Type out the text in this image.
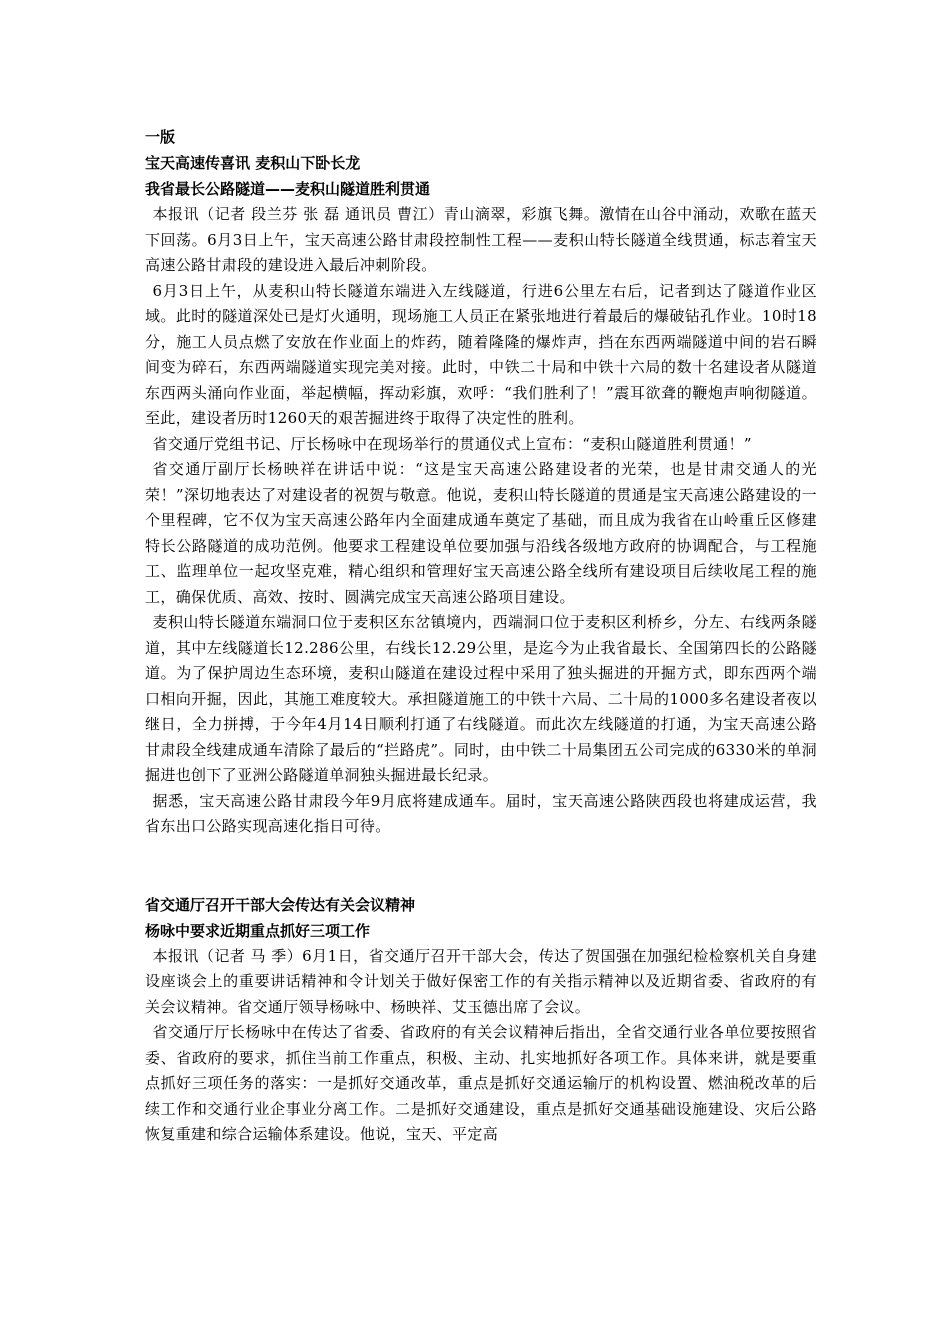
一版

宝天高速传喜讯 麦积山下卧长龙

我省最长公路隧道——麦积山隧道胜利贯通

本报讯（记者 段兰芬 张 磊 通讯员 曹江）青山滴翠，彩旗飞舞。激情在山谷中涌动，欢歌在蓝天下回荡。6月3日上午，宝天高速公路甘肃段控制性工程——麦积山特长隧道全线贯通，标志着宝天高速公路甘肃段的建设进入最后冲刺阶段。

6月3日上午，从麦积山特长隧道东端进入左线隧道，行进6公里左右后，记者到达了隧道作业区域。此时的隧道深处已是灯火通明，现场施工人员正在紧张地进行着最后的爆破钻孔作业。10时18分，施工人员点燃了安放在作业面上的炸药，随着隆隆的爆炸声，挡在东西两端隧道中间的岩石瞬间变为碎石，东西两端隧道实现完美对接。此时，中铁二十局和中铁十六局的数十名建设者从隧道东西两头涌向作业面，举起横幅，挥动彩旗，欢呼：“我们胜利了！”震耳欲聋的鞭炮声响彻隧道。至此，建设者历时1260天的艰苦掘进终于取得了决定性的胜利。

省交通厅党组书记、厅长杨咏中在现场举行的贯通仪式上宣布：“麦积山隧道胜利贯通！”

省交通厅副厅长杨映祥在讲话中说：“这是宝天高速公路建设者的光荣，也是甘肃交通人的光荣！”深切地表达了对建设者的祝贺与敬意。他说，麦积山特长隧道的贯通是宝天高速公路建设的一个里程碑，它不仅为宝天高速公路年内全面建成通车奠定了基础，而且成为我省在山岭重丘区修建特长公路隧道的成功范例。他要求工程建设单位要加强与沿线各级地方政府的协调配合，与工程施工、监理单位一起攻坚克难，精心组织和管理好宝天高速公路全线所有建设项目后续收尾工程的施工，确保优质、高效、按时、圆满完成宝天高速公路项目建设。

麦积山特长隧道东端洞口位于麦积区东岔镇境内，西端洞口位于麦积区利桥乡，分左、右线两条隧道，其中左线隧道长12.286公里，右线长12.29公里，是迄今为止我省最长、全国第四长的公路隧道。为了保护周边生态环境，麦积山隧道在建设过程中采用了独头掘进的开掘方式，即东西两个端口相向开掘，因此，其施工难度较大。承担隧道施工的中铁十六局、二十局的1000多名建设者夜以继日，全力拼搏，于今年4月14日顺利打通了右线隧道。而此次左线隧道的打通，为宝天高速公路甘肃段全线建成通车清除了最后的“拦路虎”。同时，由中铁二十局集团五公司完成的6330米的单洞掘进也创下了亚洲公路隧道单洞独头掘进最长纪录。

据悉，宝天高速公路甘肃段今年9月底将建成通车。届时，宝天高速公路陕西段也将建成运营，我省东出口公路实现高速化指日可待。

省交通厅召开干部大会传达有关会议精神

杨咏中要求近期重点抓好三项工作

本报讯（记者 马 季）6月1日，省交通厅召开干部大会，传达了贺国强在加强纪检检察机关自身建设座谈会上的重要讲话精神和令计划关于做好保密工作的有关指示精神以及近期省委、省政府的有关会议精神。省交通厅领导杨咏中、杨映祥、艾玉德出席了会议。

省交通厅厅长杨咏中在传达了省委、省政府的有关会议精神后指出，全省交通行业各单位要按照省委、省政府的要求，抓住当前工作重点，积极、主动、扎实地抓好各项工作。具体来讲，就是要重点抓好三项任务的落实：一是抓好交通改革，重点是抓好交通运输厅的机构设置、燃油税改革的后续工作和交通行业企事业分离工作。二是抓好交通建设，重点是抓好交通基础设施建设、灾后公路恢复重建和综合运输体系建设。他说，宝天、平定高
